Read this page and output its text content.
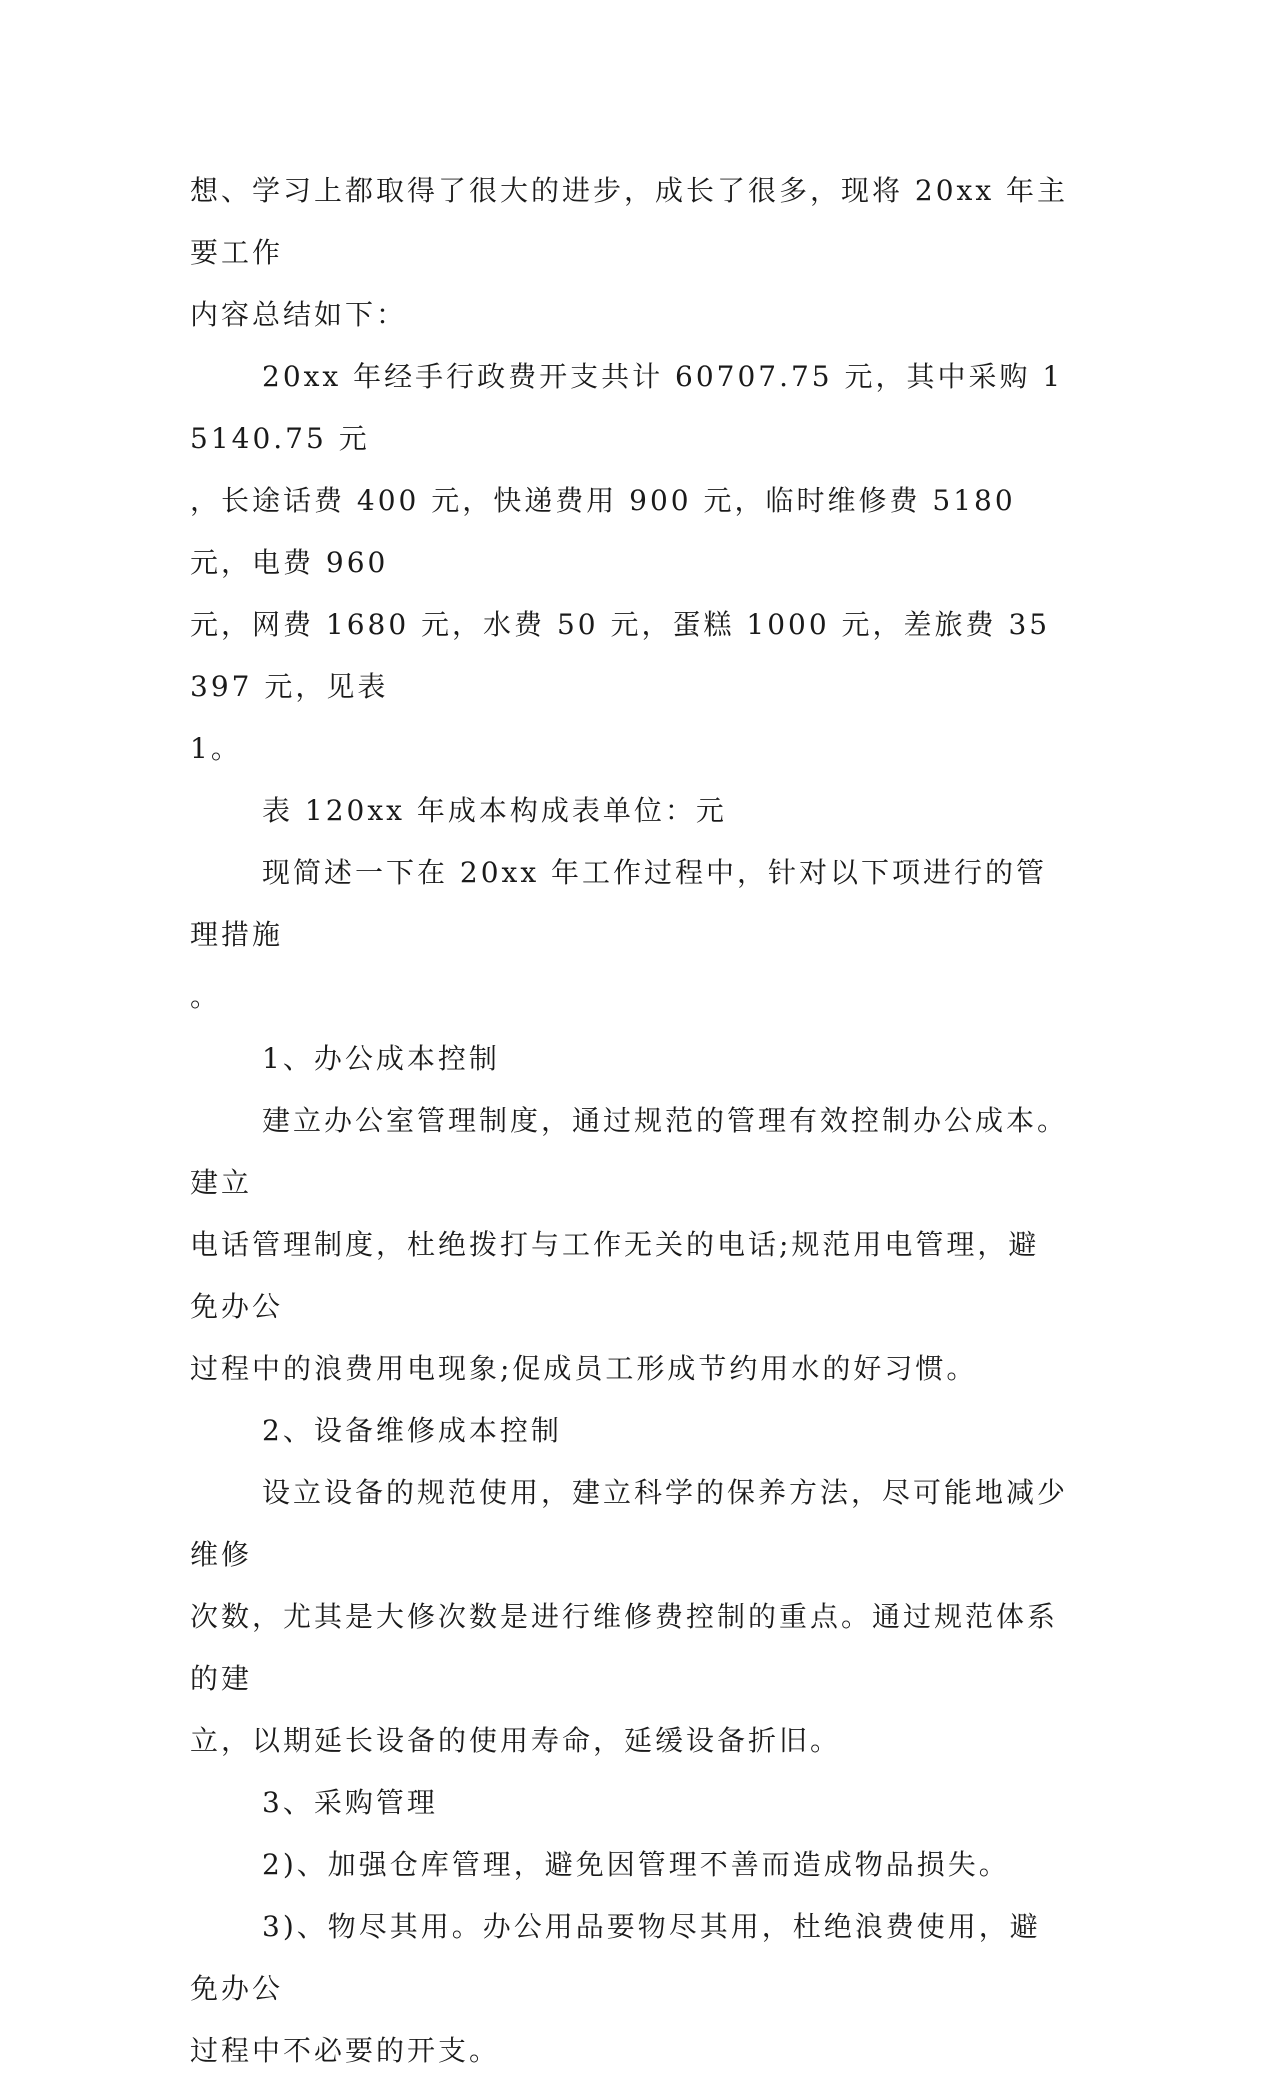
想、学习上都取得了很大的进步，成长了很多，现将 20xx 年主要工作

内容总结如下：

20xx 年经手行政费开支共计 60707.75 元，其中采购 15140.75 元

，长途话费 400 元，快递费用 900 元，临时维修费 5180 元，电费 960

元，网费 1680 元，水费 50 元，蛋糕 1000 元，差旅费 35397 元，见表

1。

表 120xx 年成本构成表单位：元

现简述一下在 20xx 年工作过程中，针对以下项进行的管理措施

。

1、办公成本控制

建立办公室管理制度，通过规范的管理有效控制办公成本。建立

电话管理制度，杜绝拨打与工作无关的电话;规范用电管理，避免办公

过程中的浪费用电现象;促成员工形成节约用水的好习惯。

2、设备维修成本控制

设立设备的规范使用，建立科学的保养方法，尽可能地减少维修

次数，尤其是大修次数是进行维修费控制的重点。通过规范体系的建

立，以期延长设备的使用寿命，延缓设备折旧。

3、采购管理

2)、加强仓库管理，避免因管理不善而造成物品损失。

3)、物尽其用。办公用品要物尽其用，杜绝浪费使用，避免办公

过程中不必要的开支。
